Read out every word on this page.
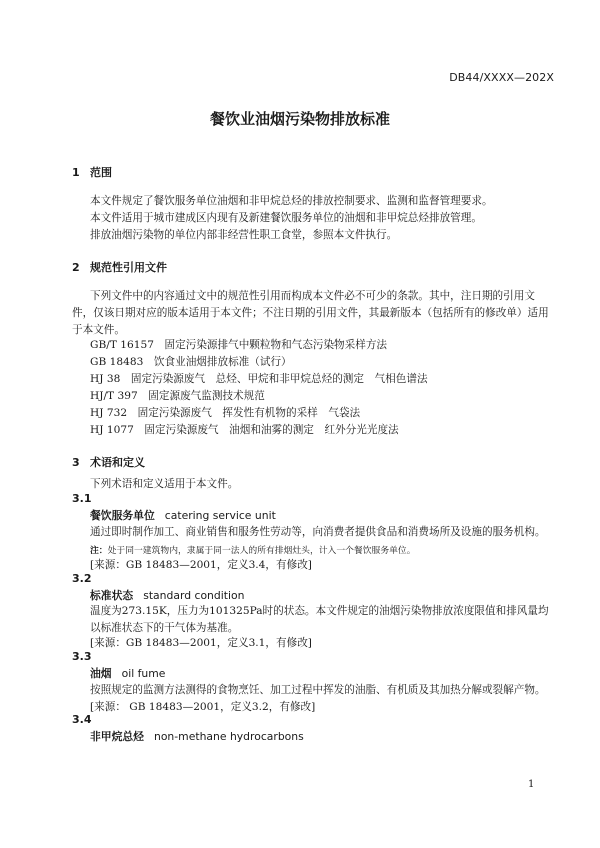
DB44/XXXX—202X
餐饮业油烟污染物排放标准
1 范围

本文件规定了餐饮服务单位油烟和非甲烷总烃的排放控制要求、监测和监督管理要求。

本文件适用于城市建成区内现有及新建餐饮服务单位的油烟和非甲烷总烃排放管理。

排放油烟污染物的单位内部非经营性职工食堂，参照本文件执行。

2 规范性引用文件

下列文件中的内容通过文中的规范性引用而构成本文件必不可少的条款。其中，注日期的引用文件，仅该日期对应的版本适用于本文件；不注日期的引用文件，其最新版本（包括所有的修改单）适用于本文件。

GB/T 16157　固定污染源排气中颗粒物和气态污染物采样方法
GB 18483　饮食业油烟排放标准（试行）
HJ 38　固定污染源废气　总烃、甲烷和非甲烷总烃的测定　气相色谱法
HJ/T 397　固定源废气监测技术规范
HJ 732　固定污染源废气　挥发性有机物的采样　气袋法
HJ 1077　固定污染源废气　油烟和油雾的测定　红外分光光度法
3 术语和定义
下列术语和定义适用于本文件。
3.1
餐饮服务单位 catering service unit
通过即时制作加工、商业销售和服务性劳动等，向消费者提供食品和消费场所及设施的服务机构。
注：处于同一建筑物内，隶属于同一法人的所有排烟灶头，计入一个餐饮服务单位。
[来源：GB 18483—2001，定义3.4，有修改]
3.2
标准状态 standard condition
温度为273.15K，压力为101325Pa时的状态。本文件规定的油烟污染物排放浓度限值和排风量均以标准状态下的干气体为基准。
[来源：GB 18483—2001，定义3.1，有修改]
3.3
油烟 oil fume
按照规定的监测方法测得的食物烹饪、加工过程中挥发的油脂、有机质及其加热分解或裂解产物。
[来源： GB 18483—2001，定义3.2，有修改]
3.4
非甲烷总烃 non-methane hydrocarbons
1
